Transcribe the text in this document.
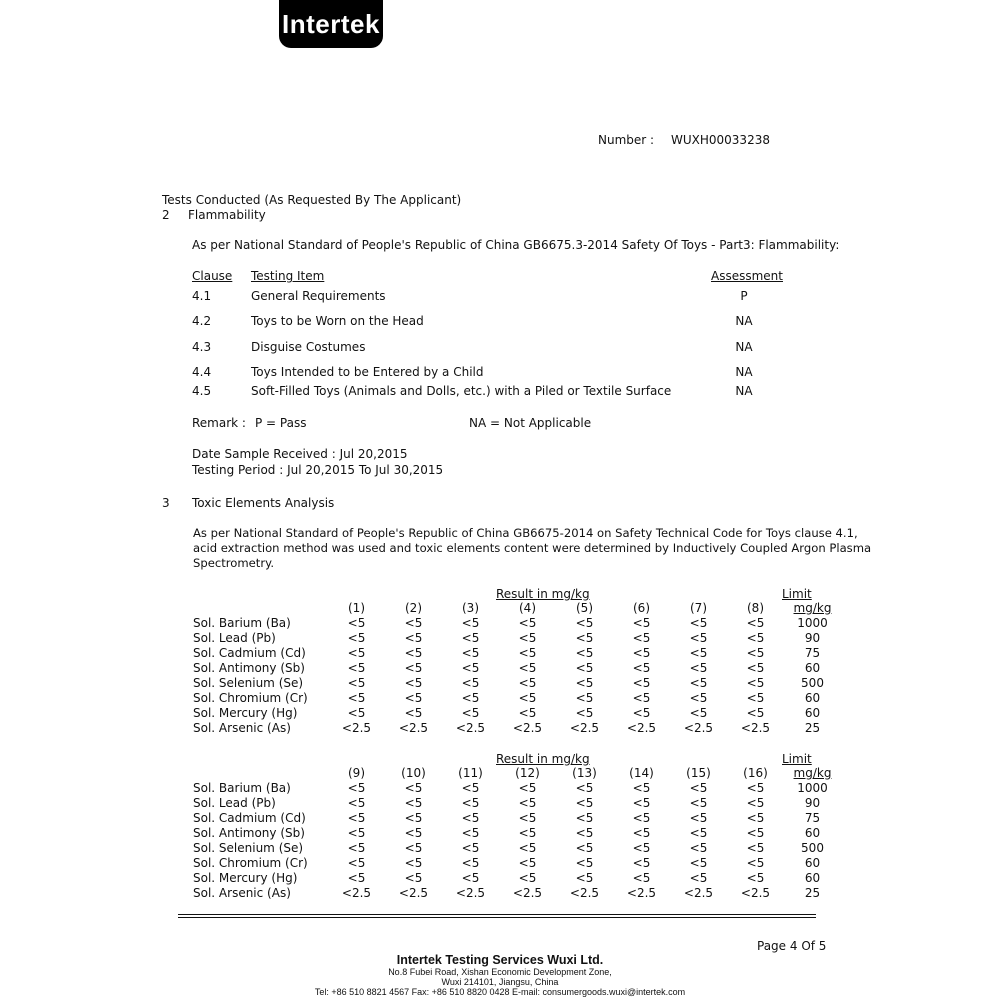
Intertek
Number : WUXH00033238
Tests Conducted (As Requested By The Applicant)
2 Flammability
As per National Standard of People's Republic of China GB6675.3-2014 Safety Of Toys - Part3: Flammability:
Clause Testing Item	Assessment
4.1	General Requirements	P
4.2	Toys to be Worn on the Head	NA
4.3	Disguise Costumes	NA
4.4	Toys Intended to be Entered by a Child	NA
4.5	Soft-Filled Toys (Animals and Dolls, etc.) with a Piled or Textile Surface	NA
Remark : P = Pass	NA = Not Applicable
Date Sample Received : Jul 20,2015
Testing Period : Jul 20,2015 To Jul 30,2015
3 Toxic Elements Analysis
As per National Standard of People's Republic of China GB6675-2014 on Safety Technical Code for Toys clause 4.1,
acid extraction method was used and toxic elements content were determined by Inductively Coupled Argon Plasma
Spectrometry.
Result in mg/kg	Limit
	(1)	(2)	(3)	(4)	(5)	(6)	(7)	(8)	mg/kg
Sol. Barium (Ba)	<5	<5	<5	<5	<5	<5	<5	<5	1000
Sol. Lead (Pb)	<5	<5	<5	<5	<5	<5	<5	<5	90
Sol. Cadmium (Cd)	<5	<5	<5	<5	<5	<5	<5	<5	75
Sol. Antimony (Sb)	<5	<5	<5	<5	<5	<5	<5	<5	60
Sol. Selenium (Se)	<5	<5	<5	<5	<5	<5	<5	<5	500
Sol. Chromium (Cr)	<5	<5	<5	<5	<5	<5	<5	<5	60
Sol. Mercury (Hg)	<5	<5	<5	<5	<5	<5	<5	<5	60
Sol. Arsenic (As)	<2.5	<2.5	<2.5	<2.5	<2.5	<2.5	<2.5	<2.5	25
Result in mg/kg	Limit
	(9)	(10)	(11)	(12)	(13)	(14)	(15)	(16)	mg/kg
Sol. Barium (Ba)	<5	<5	<5	<5	<5	<5	<5	<5	1000
Sol. Lead (Pb)	<5	<5	<5	<5	<5	<5	<5	<5	90
Sol. Cadmium (Cd)	<5	<5	<5	<5	<5	<5	<5	<5	75
Sol. Antimony (Sb)	<5	<5	<5	<5	<5	<5	<5	<5	60
Sol. Selenium (Se)	<5	<5	<5	<5	<5	<5	<5	<5	500
Sol. Chromium (Cr)	<5	<5	<5	<5	<5	<5	<5	<5	60
Sol. Mercury (Hg)	<5	<5	<5	<5	<5	<5	<5	<5	60
Sol. Arsenic (As)	<2.5	<2.5	<2.5	<2.5	<2.5	<2.5	<2.5	<2.5	25
Page 4 Of 5
Intertek Testing Services Wuxi Ltd.
No.8 Fubei Road, Xishan Economic Development Zone,
Wuxi 214101, Jiangsu, China
Tel: +86 510 8821 4567 Fax: +86 510 8820 0428 E-mail: consumergoods.wuxi@intertek.com
